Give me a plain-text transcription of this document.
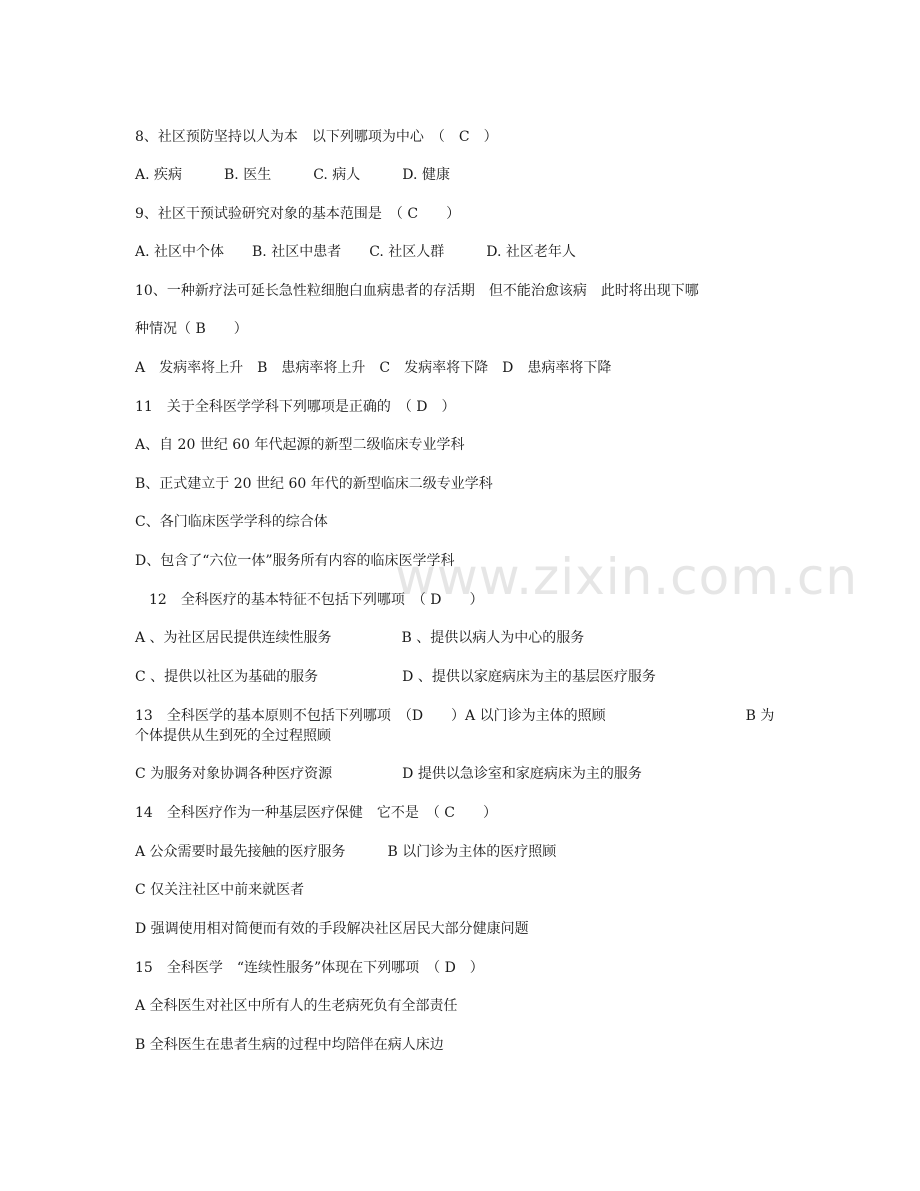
www.zixin.com.cn
8、社区预防坚持以人为本　以下列哪项为中心　（　C　）
A. 疾病　　　B. 医生　　　C. 病人　　　D. 健康
9、社区干预试验研究对象的基本范围是　（ C　　）
A. 社区中个体　　B. 社区中患者　　C. 社区人群　　　D. 社区老年人
10、一种新疗法可延长急性粒细胞白血病患者的存活期　但不能治愈该病　此时将出现下哪
种情况（ B　　）
A　发病率将上升　B　患病率将上升　C　发病率将下降　D　患病率将下降
11　关于全科医学学科下列哪项是正确的　（ D　）
A、自 20 世纪 60 年代起源的新型二级临床专业学科
B、正式建立于 20 世纪 60 年代的新型临床二级专业学科
C、各门临床医学学科的综合体
D、包含了“六位一体”服务所有内容的临床医学学科
　12　全科医疗的基本特征不包括下列哪项　（ D　　）
A 、为社区居民提供连续性服务　　　　　B 、提供以病人为中心的服务
C 、提供以社区为基础的服务　　　　　　D 、提供以家庭病床为主的基层医疗服务
13　全科医学的基本原则不包括下列哪项　（D　　）A 以门诊为主体的照顾　　　　　　　　　　B 为
个体提供从生到死的全过程照顾
C 为服务对象协调各种医疗资源　　　　　D 提供以急诊室和家庭病床为主的服务
14　全科医疗作为一种基层医疗保健　它不是　（ C　　）
A 公众需要时最先接触的医疗服务　　　B 以门诊为主体的医疗照顾
C 仅关注社区中前来就医者
D 强调使用相对简便而有效的手段解决社区居民大部分健康问题
15　全科医学　“连续性服务”体现在下列哪项　（ D　）
A 全科医生对社区中所有人的生老病死负有全部责任
B 全科医生在患者生病的过程中均陪伴在病人床边
